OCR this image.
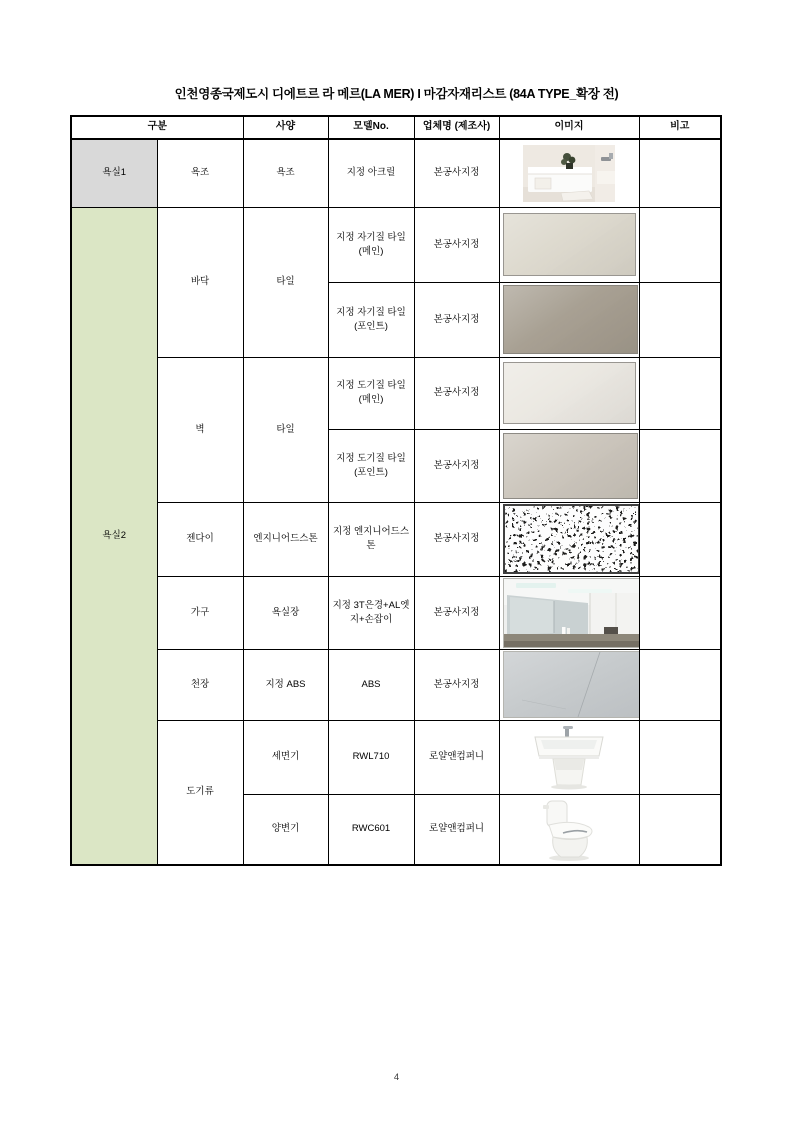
인천영종국제도시 디에트르 라 메르(LA MER) I 마감자재리스트 (84A TYPE_확장 전)
구분		사양	모델No.	업체명 (제조사)	이미지	비고
욕실1	욕조	욕조	지정 아크릴	본공사지정	

욕실2	바닥	타일	지정 자기질 타일 (메인)	본공사지정	

			지정 자기질 타일 (포인트)	본공사지정	

	벽	타일	지정 도기질 타일 (메인)	본공사지정	

			지정 도기질 타일 (포인트)	본공사지정	

	젠다이	엔지니어드스톤	지정 엔지니어드스톤	본공사지정	

	가구	욕실장	지정 3T은경+AL엣지+손잡이	본공사지정	

	천장	지정 ABS	ABS	본공사지정	

	도기류	세면기	RWL710	로얄앤컴퍼니	

		양변기	RWC601	로얄앤컴퍼니	

4
